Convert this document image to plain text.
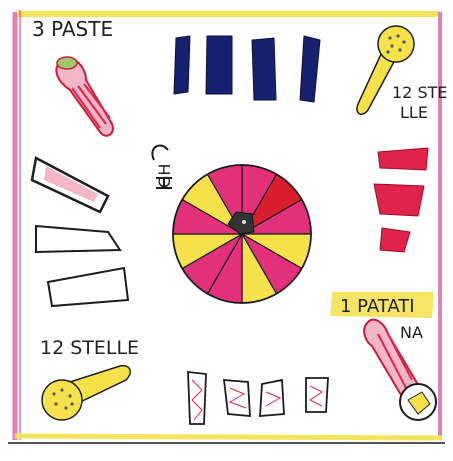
3 PASTE
12 STE
LLE
GH
1 PATATI
NA
12 STELLE
